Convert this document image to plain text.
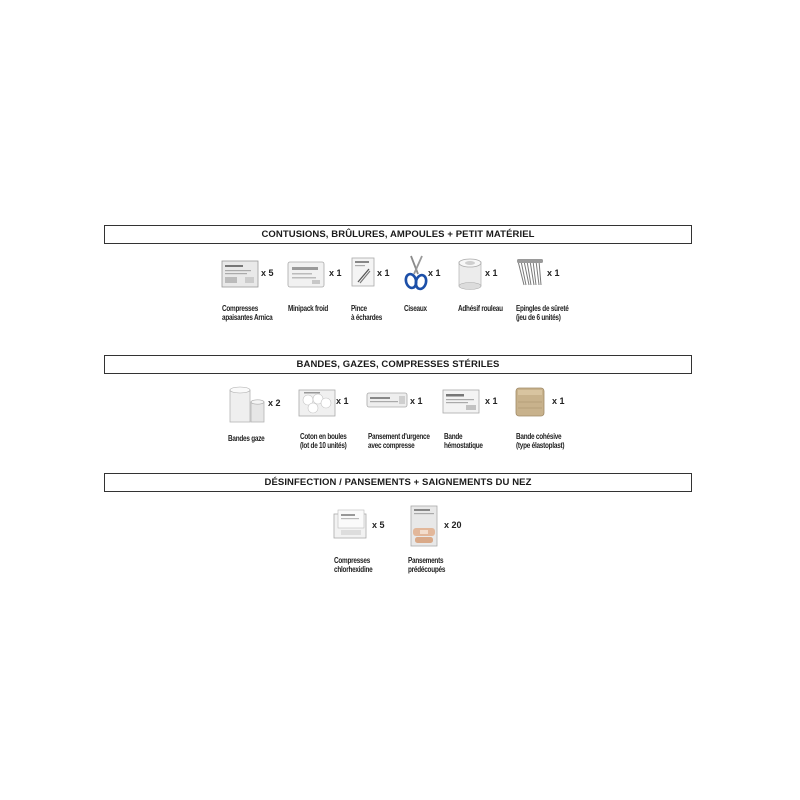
CONTUSIONS, BRÛLURES, AMPOULES + PETIT MATÉRIEL
x 5
Compresses
apaisantes Arnica
x 1
Minipack froid
x 1
Pince
à échardes
x 1
Ciseaux
x 1
Adhésif rouleau
x 1
Epingles de sûreté
(jeu de 6 unités)
BANDES, GAZES, COMPRESSES STÉRILES
x 2
Bandes gaze
x 1
Coton en boules
(lot de 10 unités)
x 1
Pansement d'urgence
avec compresse
x 1
Bande
hémostatique
x 1
Bande cohésive
(type élastoplast)
DÉSINFECTION / PANSEMENTS + SAIGNEMENTS DU NEZ
x 5
Compresses
chlorhexidine
x 20
Pansements
prédécoupés
